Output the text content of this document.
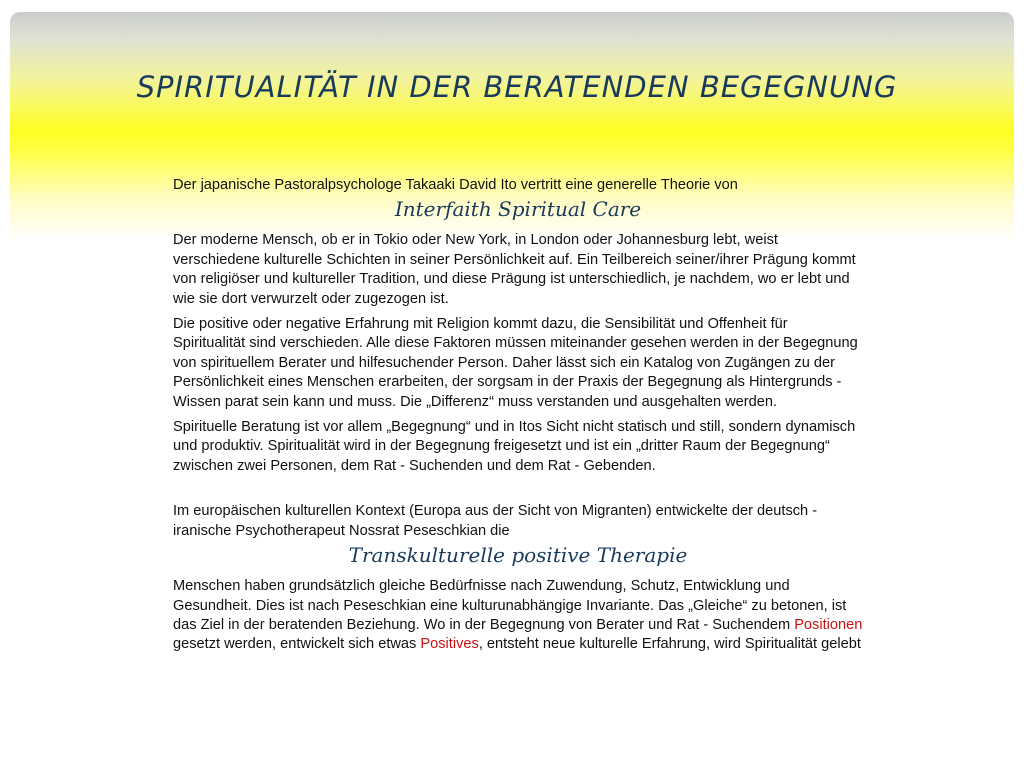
SPIRITUALITÄT IN DER BERATENDEN BEGEGNUNG

Der japanische Pastoralpsychologe Takaaki David Ito vertritt eine generelle Theorie von

Interfaith Spiritual Care

Der moderne Mensch, ob er in Tokio oder New York, in London oder Johannesburg lebt, weist verschiedene kulturelle Schichten in seiner Persönlichkeit auf. Ein Teilbereich seiner/ihrer Prägung kommt von religiöser und kultureller Tradition, und diese Prägung ist unterschiedlich, je nachdem, wo er lebt und wie sie dort verwurzelt oder zugezogen ist.

Die positive oder negative Erfahrung mit Religion kommt dazu, die Sensibilität und Offenheit für Spiritualität sind verschieden. Alle diese Faktoren müssen miteinander gesehen werden in der Begegnung von spirituellem Berater und hilfesuchender Person. Daher lässt sich ein Katalog von Zugängen zu der Persönlichkeit eines Menschen erarbeiten, der sorgsam in der Praxis der Begegnung als Hintergrunds - Wissen parat sein kann und muss. Die „Differenz“ muss verstanden und ausgehalten werden.

Spirituelle Beratung ist vor allem „Begegnung“ und in Itos Sicht nicht statisch und still, sondern dynamisch und produktiv. Spiritualität wird in der Begegnung freigesetzt und ist ein „dritter Raum der Begegnung“ zwischen zwei Personen, dem Rat - Suchenden und dem Rat - Gebenden.

Im europäischen kulturellen Kontext (Europa aus der Sicht von Migranten) entwickelte der deutsch - iranische Psychotherapeut Nossrat Peseschkian die

Transkulturelle positive Therapie

Menschen haben grundsätzlich gleiche Bedürfnisse nach Zuwendung, Schutz, Entwicklung und Gesundheit. Dies ist nach Peseschkian eine kulturunabhängige Invariante. Das „Gleiche“ zu betonen, ist das Ziel in der beratenden Beziehung. Wo in der Begegnung von Berater und Rat - Suchendem Positionen gesetzt werden, entwickelt sich etwas Positives, entsteht neue kulturelle Erfahrung, wird Spiritualität gelebt
